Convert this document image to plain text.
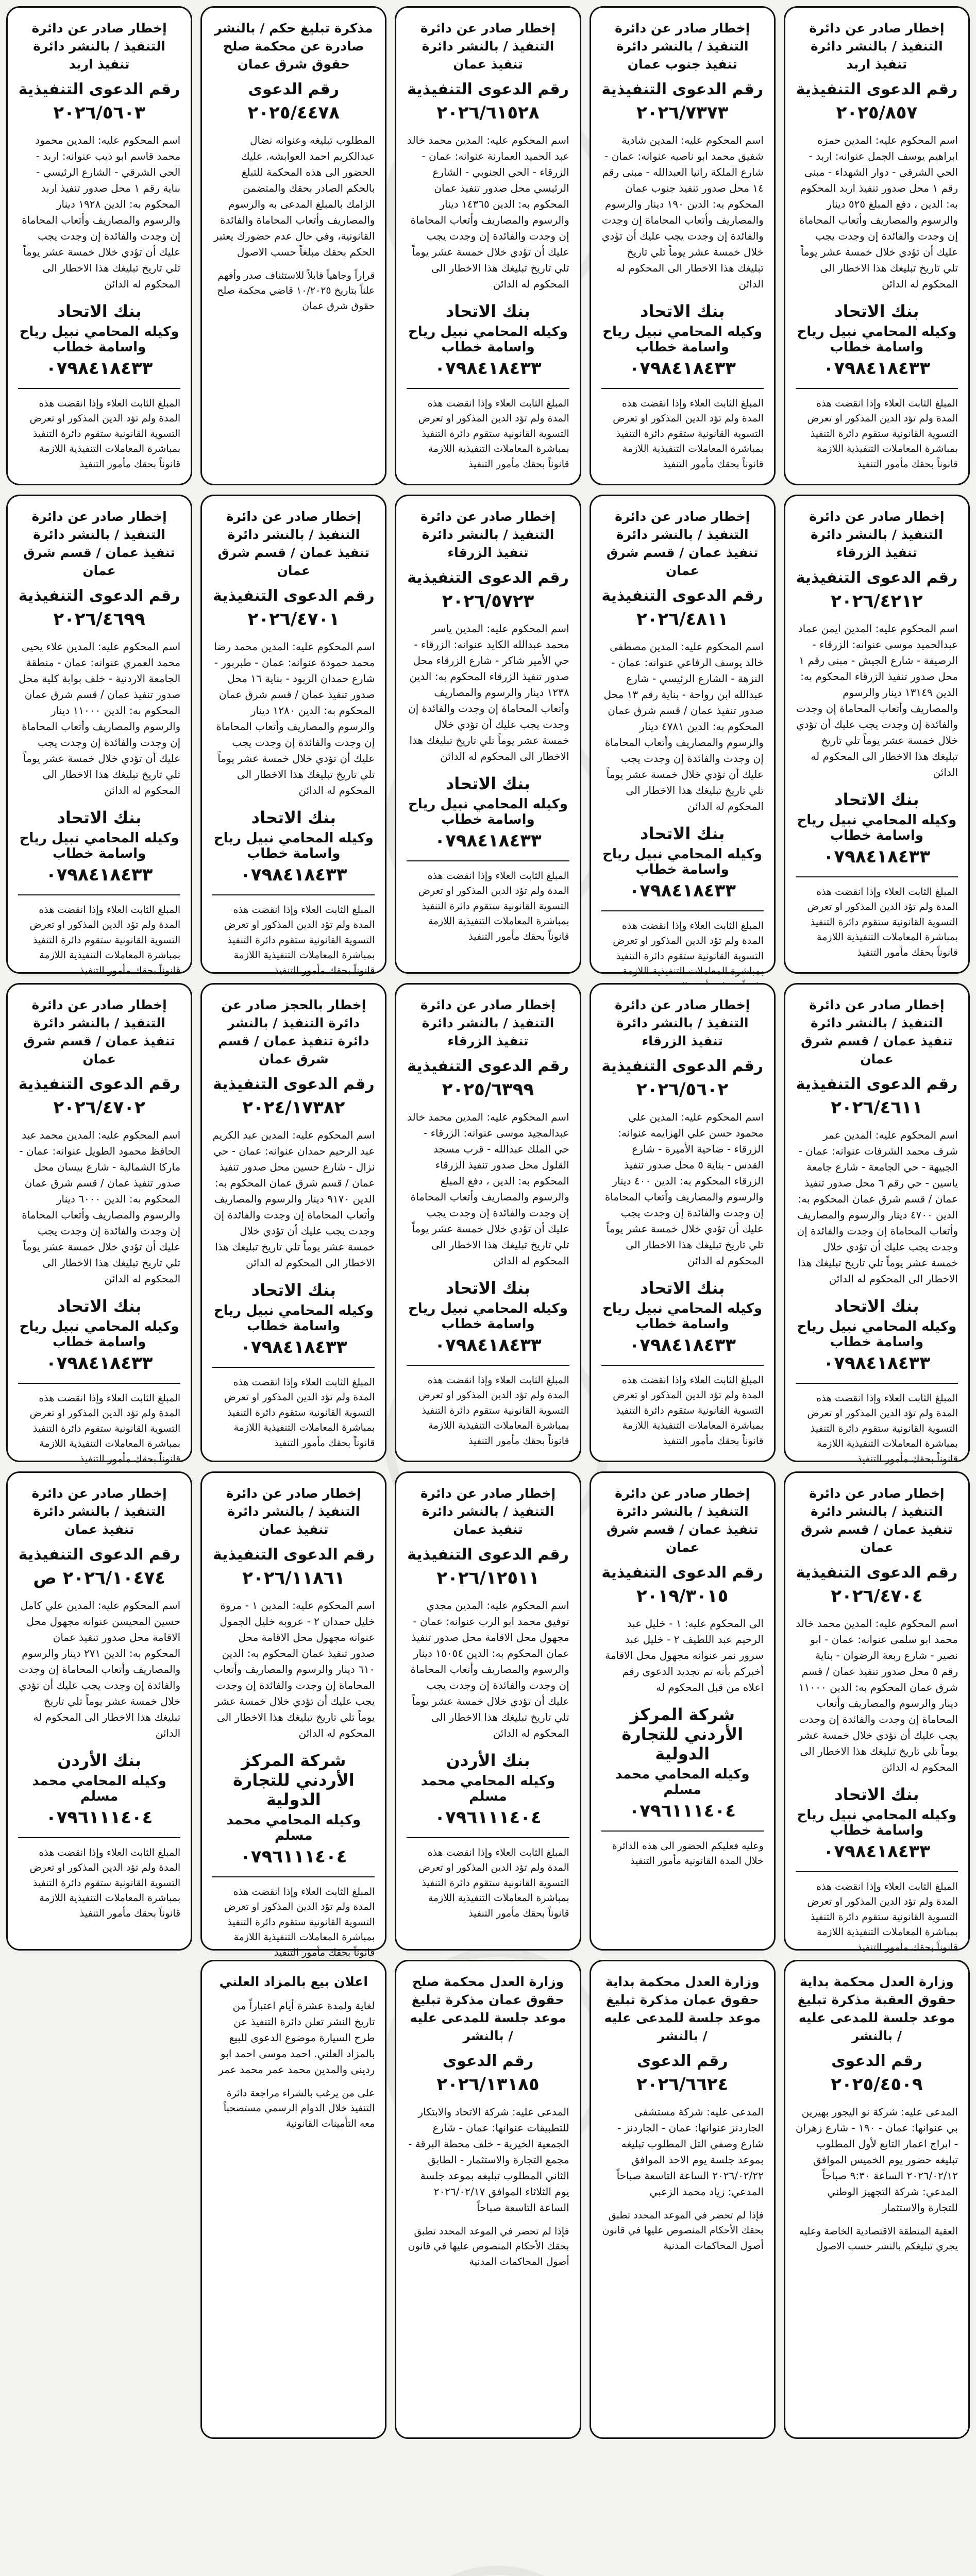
إخطار صادر عن دائرة التنفيذ / بالنشر دائرة تنفيذ اربد
رقم الدعوى التنفيذية
٢٠٢٥/٨٥٧
اسم المحكوم عليه: المدين حمزه ابراهيم يوسف الجمل عنوانه: اربد - الحي الشرقي - دوار الشهداء - مبنى رقم ١ محل صدور تنفيذ اربد المحكوم به: الدين ، دفع المبلغ ٥٢٥ دينار والرسوم والمصاريف وأتعاب المحاماة إن وجدت والفائدة إن وجدت يجب عليك أن تؤدي خلال خمسة عشر يوماً تلي تاريخ تبليغك هذا الاخطار الى المحكوم له الدائن
بنك الاتحاد
وكيله المحامي نبيل رياح واسامة خطاب
٠٧٩٨٤١٨٤٣٣
المبلغ الثابت العلاء وإذا انقضت هذه المدة ولم تؤد الدين المذكور او تعرض التسوية القانونية ستقوم دائرة التنفيذ بمباشرة المعاملات التنفيذية اللازمة قانوناً بحقك مأمور التنفيذ
إخطار صادر عن دائرة التنفيذ / بالنشر دائرة تنفيذ جنوب عمان
رقم الدعوى التنفيذية
٢٠٢٦/٧٣٧٣
اسم المحكوم عليه: المدين شادية شفيق محمد ابو ناصيه عنوانه: عمان - شارع الملكة رانيا العبدالله - مبنى رقم ١٤ محل صدور تنفيذ جنوب عمان المحكوم به: الدين ١٩٠ دينار والرسوم والمصاريف وأتعاب المحاماة إن وجدت والفائدة إن وجدت يجب عليك أن تؤدي خلال خمسة عشر يوماً تلي تاريخ تبليغك هذا الاخطار الى المحكوم له الدائن
بنك الاتحاد
وكيله المحامي نبيل رياح واسامة خطاب
٠٧٩٨٤١٨٤٣٣
المبلغ الثابت العلاء وإذا انقضت هذه المدة ولم تؤد الدين المذكور او تعرض التسوية القانونية ستقوم دائرة التنفيذ بمباشرة المعاملات التنفيذية اللازمة قانوناً بحقك مأمور التنفيذ
إخطار صادر عن دائرة التنفيذ / بالنشر دائرة تنفيذ عمان
رقم الدعوى التنفيذية
٢٠٢٦/٦١٥٢٨
اسم المحكوم عليه: المدين محمد خالد عبد الحميد العمارنة عنوانه: عمان - الزرقاء - الحي الجنوبي - الشارع الرئيسي محل صدور تنفيذ عمان المحكوم به: الدين ١٤٣٦٥ دينار والرسوم والمصاريف وأتعاب المحاماة إن وجدت والفائدة إن وجدت يجب عليك أن تؤدي خلال خمسة عشر يوماً تلي تاريخ تبليغك هذا الاخطار الى المحكوم له الدائن
بنك الاتحاد
وكيله المحامي نبيل رياح واسامة خطاب
٠٧٩٨٤١٨٤٣٣
المبلغ الثابت العلاء وإذا انقضت هذه المدة ولم تؤد الدين المذكور او تعرض التسوية القانونية ستقوم دائرة التنفيذ بمباشرة المعاملات التنفيذية اللازمة قانوناً بحقك مأمور التنفيذ
مذكرة تبليغ حكم / بالنشر صادرة عن محكمة صلح حقوق شرق عمان
رقم الدعوى
٢٠٢٥/٤٤٧٨
المطلوب تبليغه وعنوانه نضال عبدالكريم احمد العوابشه. عليك الحضور الى هذه المحكمة للتبلغ بالحكم الصادر بحقك والمتضمن الزامك بالمبلغ المدعى به والرسوم والمصاريف وأتعاب المحاماة والفائدة القانونية، وفي حال عدم حضورك يعتبر الحكم بحقك مبلغاً حسب الاصول
قراراً وجاهياً قابلاً للاستئناف صدر وأفهم علناً بتاريخ ١٠/٢٠٢٥ قاضي محكمة صلح حقوق شرق عمان
إخطار صادر عن دائرة التنفيذ / بالنشر دائرة تنفيذ اربد
رقم الدعوى التنفيذية
٢٠٢٦/٥٦٠٣
اسم المحكوم عليه: المدين محمود محمد قاسم ابو ذيب عنوانه: اربد - الحي الشرقي - الشارع الرئيسي - بناية رقم ١ محل صدور تنفيذ اربد المحكوم به: الدين ١٩٢٨ دينار والرسوم والمصاريف وأتعاب المحاماة إن وجدت والفائدة إن وجدت يجب عليك أن تؤدي خلال خمسة عشر يوماً تلي تاريخ تبليغك هذا الاخطار الى المحكوم له الدائن
بنك الاتحاد
وكيله المحامي نبيل رياح واسامة خطاب
٠٧٩٨٤١٨٤٣٣
المبلغ الثابت العلاء وإذا انقضت هذه المدة ولم تؤد الدين المذكور او تعرض التسوية القانونية ستقوم دائرة التنفيذ بمباشرة المعاملات التنفيذية اللازمة قانوناً بحقك مأمور التنفيذ
إخطار صادر عن دائرة التنفيذ / بالنشر دائرة تنفيذ الزرقاء
رقم الدعوى التنفيذية
٢٠٢٦/٤٢١٢
اسم المحكوم عليه: المدين ايمن عماد عبدالحميد موسى عنوانه: الزرقاء - الرصيفة - شارع الجيش - مبنى رقم ١ محل صدور تنفيذ الزرقاء المحكوم به: الدين ١٣١٤٩ دينار والرسوم والمصاريف وأتعاب المحاماة إن وجدت والفائدة إن وجدت يجب عليك أن تؤدي خلال خمسة عشر يوماً تلي تاريخ تبليغك هذا الاخطار الى المحكوم له الدائن
بنك الاتحاد
وكيله المحامي نبيل رياح واسامة خطاب
٠٧٩٨٤١٨٤٣٣
المبلغ الثابت العلاء وإذا انقضت هذه المدة ولم تؤد الدين المذكور او تعرض التسوية القانونية ستقوم دائرة التنفيذ بمباشرة المعاملات التنفيذية اللازمة قانوناً بحقك مأمور التنفيذ
إخطار صادر عن دائرة التنفيذ / بالنشر دائرة تنفيذ عمان / قسم شرق عمان
رقم الدعوى التنفيذية
٢٠٢٦/٤٨١١
اسم المحكوم عليه: المدين مصطفى خالد يوسف الرفاعي عنوانه: عمان - النزهة - الشارع الرئيسي - شارع عبدالله ابن رواحة - بناية رقم ١٣ محل صدور تنفيذ عمان / قسم شرق عمان المحكوم به: الدين ٤٧٨١ دينار والرسوم والمصاريف وأتعاب المحاماة إن وجدت والفائدة إن وجدت يجب عليك أن تؤدي خلال خمسة عشر يوماً تلي تاريخ تبليغك هذا الاخطار الى المحكوم له الدائن
بنك الاتحاد
وكيله المحامي نبيل رياح واسامة خطاب
٠٧٩٨٤١٨٤٣٣
المبلغ الثابت العلاء وإذا انقضت هذه المدة ولم تؤد الدين المذكور او تعرض التسوية القانونية ستقوم دائرة التنفيذ بمباشرة المعاملات التنفيذية اللازمة
إخطار صادر عن دائرة التنفيذ / بالنشر دائرة تنفيذ الزرقاء
رقم الدعوى التنفيذية
٢٠٢٦/٥٧٢٣
اسم المحكوم عليه: المدين ياسر محمد عبدالله الكايد عنوانه: الزرقاء - حي الأمير شاكر - شارع الزرقاء محل صدور تنفيذ الزرقاء المحكوم به: الدين ١٢٣٨ دينار والرسوم والمصاريف وأتعاب المحاماة إن وجدت والفائدة إن وجدت يجب عليك أن تؤدي خلال خمسة عشر يوماً تلي تاريخ تبليغك هذا الاخطار الى المحكوم له الدائن
بنك الاتحاد
وكيله المحامي نبيل رياح واسامة خطاب
٠٧٩٨٤١٨٤٣٣
المبلغ الثابت العلاء وإذا انقضت هذه المدة ولم تؤد الدين المذكور او تعرض التسوية القانونية ستقوم دائرة التنفيذ بمباشرة المعاملات التنفيذية اللازمة قانوناً بحقك مأمور التنفيذ
إخطار صادر عن دائرة التنفيذ / بالنشر دائرة تنفيذ عمان / قسم شرق عمان
رقم الدعوى التنفيذية
٢٠٢٦/٤٧٠١
اسم المحكوم عليه: المدين محمد رضا محمد حمودة عنوانه: عمان - طبربور - شارع حمدان الزيود - بناية ١٦ محل صدور تنفيذ عمان / قسم شرق عمان المحكوم به: الدين ١٢٨٠ دينار والرسوم والمصاريف وأتعاب المحاماة إن وجدت والفائدة إن وجدت يجب عليك أن تؤدي خلال خمسة عشر يوماً تلي تاريخ تبليغك هذا الاخطار الى المحكوم له الدائن
بنك الاتحاد
وكيله المحامي نبيل رياح واسامة خطاب
٠٧٩٨٤١٨٤٣٣
المبلغ الثابت العلاء وإذا انقضت هذه المدة ولم تؤد الدين المذكور او تعرض التسوية القانونية ستقوم دائرة التنفيذ بمباشرة المعاملات التنفيذية اللازمة قانوناً بحقك مأمور التنفيذ
إخطار صادر عن دائرة التنفيذ / بالنشر دائرة تنفيذ عمان / قسم شرق عمان
رقم الدعوى التنفيذية
٢٠٢٦/٤٦٩٩
اسم المحكوم عليه: المدين علاء يحيى محمد العمري عنوانه: عمان - منطقة الجامعة الاردنية - خلف بوابة كلية محل صدور تنفيذ عمان / قسم شرق عمان المحكوم به: الدين ١١٠٠٠ دينار والرسوم والمصاريف وأتعاب المحاماة إن وجدت والفائدة إن وجدت يجب عليك أن تؤدي خلال خمسة عشر يوماً تلي تاريخ تبليغك هذا الاخطار الى المحكوم له الدائن
بنك الاتحاد
وكيله المحامي نبيل رياح واسامة خطاب
٠٧٩٨٤١٨٤٣٣
المبلغ الثابت العلاء وإذا انقضت هذه المدة ولم تؤد الدين المذكور او تعرض التسوية القانونية ستقوم دائرة التنفيذ بمباشرة المعاملات التنفيذية اللازمة قانوناً بحقك مأمور التنفيذ
إخطار صادر عن دائرة التنفيذ / بالنشر دائرة تنفيذ عمان / قسم شرق عمان
رقم الدعوى التنفيذية
٢٠٢٦/٤٦١١
اسم المحكوم عليه: المدين عمر شرف محمد الشرفات عنوانه: عمان - الجبيهة - حي الجامعة - شارع جامعة ياسين - حي رقم ٦ محل صدور تنفيذ عمان / قسم شرق عمان المحكوم به: الدين ٤٧٠٠ دينار والرسوم والمصاريف وأتعاب المحاماة إن وجدت والفائدة إن وجدت يجب عليك أن تؤدي خلال خمسة عشر يوماً تلي تاريخ تبليغك هذا الاخطار الى المحكوم له الدائن
بنك الاتحاد
وكيله المحامي نبيل رياح واسامة خطاب
٠٧٩٨٤١٨٤٣٣
المبلغ الثابت العلاء وإذا انقضت هذه المدة ولم تؤد الدين المذكور او تعرض التسوية القانونية ستقوم دائرة التنفيذ بمباشرة المعاملات التنفيذية اللازمة قانوناً بحقك مأمور التنفيذ
إخطار صادر عن دائرة التنفيذ / بالنشر دائرة تنفيذ الزرقاء
رقم الدعوى التنفيذية
٢٠٢٦/٥٦٠٢
اسم المحكوم عليه: المدين علي محمود حسن علي الهزايمه عنوانه: الزرقاء - ضاحية الأميرة - شارع القدس - بناية ٥ محل صدور تنفيذ الزرقاء المحكوم به: الدين ٤٠٠ دينار والرسوم والمصاريف وأتعاب المحاماة إن وجدت والفائدة إن وجدت يجب عليك أن تؤدي خلال خمسة عشر يوماً تلي تاريخ تبليغك هذا الاخطار الى المحكوم له الدائن
بنك الاتحاد
وكيله المحامي نبيل رياح واسامة خطاب
٠٧٩٨٤١٨٤٣٣
المبلغ الثابت العلاء وإذا انقضت هذه المدة ولم تؤد الدين المذكور او تعرض التسوية القانونية ستقوم دائرة التنفيذ بمباشرة المعاملات التنفيذية اللازمة قانوناً بحقك مأمور التنفيذ
إخطار صادر عن دائرة التنفيذ / بالنشر دائرة تنفيذ الزرقاء
رقم الدعوى التنفيذية
٢٠٢٥/٦٣٩٩
اسم المحكوم عليه: المدين محمد خالد عبدالمجيد موسى عنوانه: الزرقاء - حي الملك عبدالله - قرب مسجد القلول محل صدور تنفيذ الزرقاء المحكوم به: الدين ، دفع المبلغ والرسوم والمصاريف وأتعاب المحاماة إن وجدت والفائدة إن وجدت يجب عليك أن تؤدي خلال خمسة عشر يوماً تلي تاريخ تبليغك هذا الاخطار الى المحكوم له الدائن
بنك الاتحاد
وكيله المحامي نبيل رياح واسامة خطاب
٠٧٩٨٤١٨٤٣٣
المبلغ الثابت العلاء وإذا انقضت هذه المدة ولم تؤد الدين المذكور او تعرض التسوية القانونية ستقوم دائرة التنفيذ بمباشرة المعاملات التنفيذية اللازمة قانوناً بحقك مأمور التنفيذ
إخطار بالحجز صادر عن دائرة التنفيذ / بالنشر دائرة تنفيذ عمان / قسم شرق عمان
رقم الدعوى التنفيذية
٢٠٢٤/١٧٣٨٢
اسم المحكوم عليه: المدين عبد الكريم عبد الرحيم حمدان عنوانه: عمان - حي نزال - شارع حسين محل صدور تنفيذ عمان / قسم شرق عمان المحكوم به: الدين ٩١٧٠ دينار والرسوم والمصاريف وأتعاب المحاماة إن وجدت والفائدة إن وجدت يجب عليك أن تؤدي خلال خمسة عشر يوماً تلي تاريخ تبليغك هذا الاخطار الى المحكوم له الدائن
بنك الاتحاد
وكيله المحامي نبيل رياح واسامة خطاب
٠٧٩٨٤١٨٤٣٣
المبلغ الثابت العلاء وإذا انقضت هذه المدة ولم تؤد الدين المذكور او تعرض التسوية القانونية ستقوم دائرة التنفيذ بمباشرة المعاملات التنفيذية اللازمة قانوناً بحقك مأمور التنفيذ
إخطار صادر عن دائرة التنفيذ / بالنشر دائرة تنفيذ عمان / قسم شرق عمان
رقم الدعوى التنفيذية
٢٠٢٦/٤٧٠٢
اسم المحكوم عليه: المدين محمد عبد الحافظ محمود الطويل عنوانه: عمان - ماركا الشمالية - شارع بيسان محل صدور تنفيذ عمان / قسم شرق عمان المحكوم به: الدين ٦٠٠٠ دينار والرسوم والمصاريف وأتعاب المحاماة إن وجدت والفائدة إن وجدت يجب عليك أن تؤدي خلال خمسة عشر يوماً تلي تاريخ تبليغك هذا الاخطار الى المحكوم له الدائن
بنك الاتحاد
وكيله المحامي نبيل رياح واسامة خطاب
٠٧٩٨٤١٨٤٣٣
المبلغ الثابت العلاء وإذا انقضت هذه المدة ولم تؤد الدين المذكور او تعرض التسوية القانونية ستقوم دائرة التنفيذ بمباشرة المعاملات التنفيذية اللازمة قانوناً بحقك مأمور التنفيذ
إخطار صادر عن دائرة التنفيذ / بالنشر دائرة تنفيذ عمان / قسم شرق عمان
رقم الدعوى التنفيذية
٢٠٢٦/٤٧٠٤
اسم المحكوم عليه: المدين محمد خالد محمد ابو سلمى عنوانه: عمان - ابو نصير - شارع ربعة الرضوان - بناية رقم ٥ محل صدور تنفيذ عمان / قسم شرق عمان المحكوم به: الدين ١١٠٠٠ دينار والرسوم والمصاريف وأتعاب المحاماة إن وجدت والفائدة إن وجدت يجب عليك أن تؤدي خلال خمسة عشر يوماً تلي تاريخ تبليغك هذا الاخطار الى المحكوم له الدائن
بنك الاتحاد
وكيله المحامي نبيل رياح واسامة خطاب
٠٧٩٨٤١٨٤٣٣
المبلغ الثابت العلاء وإذا انقضت هذه المدة ولم تؤد الدين المذكور او تعرض التسوية القانونية ستقوم دائرة التنفيذ بمباشرة المعاملات التنفيذية اللازمة قانوناً بحقك مأمور التنفيذ
إخطار صادر عن دائرة التنفيذ / بالنشر دائرة تنفيذ عمان / قسم شرق عمان
رقم الدعوى التنفيذية
٢٠١٩/٣٠١٥
الى المحكوم عليه: ١ - خليل عبد الرحيم عبد اللطيف ٢ - خليل عبد سرور نمر عنوانه مجهول محل الاقامة أخبركم بأنه تم تجديد الدعوى رقم اعلاه من قبل المحكوم له
شركة المركز الأردني للتجارة الدولية
وكيله المحامي محمد مسلم
٠٧٩٦١١١٤٠٤
وعليه فعليكم الحضور الى هذه الدائرة خلال المدة القانونية مأمور التنفيذ
إخطار صادر عن دائرة التنفيذ / بالنشر دائرة تنفيذ عمان
رقم الدعوى التنفيذية
٢٠٢٦/١٢٥١١
اسم المحكوم عليه: المدين مجدي توفيق محمد ابو الرب عنوانه: عمان - مجهول محل الاقامة محل صدور تنفيذ عمان المحكوم به: الدين ١٥٠٥٤ دينار والرسوم والمصاريف وأتعاب المحاماة إن وجدت والفائدة إن وجدت يجب عليك أن تؤدي خلال خمسة عشر يوماً تلي تاريخ تبليغك هذا الاخطار الى المحكوم له الدائن
بنك الأردن
وكيله المحامي محمد مسلم
٠٧٩٦١١١٤٠٤
المبلغ الثابت العلاء وإذا انقضت هذه المدة ولم تؤد الدين المذكور او تعرض التسوية القانونية ستقوم دائرة التنفيذ بمباشرة المعاملات التنفيذية اللازمة قانوناً بحقك مأمور التنفيذ
إخطار صادر عن دائرة التنفيذ / بالنشر دائرة تنفيذ عمان
رقم الدعوى التنفيذية
٢٠٢٦/١١٨٦١
اسم المحكوم عليه: المدين ١ - مروة خليل حمدان ٢ - عروبه خليل الجمول عنوانه مجهول محل الاقامة محل صدور تنفيذ عمان المحكوم به: الدين ٦١٠ دينار والرسوم والمصاريف وأتعاب المحاماة إن وجدت والفائدة إن وجدت يجب عليك أن تؤدي خلال خمسة عشر يوماً تلي تاريخ تبليغك هذا الاخطار الى المحكوم له الدائن
شركة المركز الأردني للتجارة الدولية
وكيله المحامي محمد مسلم
٠٧٩٦١١١٤٠٤
المبلغ الثابت العلاء وإذا انقضت هذه المدة ولم تؤد الدين المذكور او تعرض التسوية القانونية ستقوم دائرة التنفيذ بمباشرة المعاملات التنفيذية اللازمة قانوناً بحقك مأمور التنفيذ
إخطار صادر عن دائرة التنفيذ / بالنشر دائرة تنفيذ عمان
رقم الدعوى التنفيذية
٢٠٢٦/١٠٤٧٤ ص
اسم المحكوم عليه: المدين علي كامل حسين المحيسن عنوانه مجهول محل الاقامة محل صدور تنفيذ عمان المحكوم به: الدين ٢٧١ دينار والرسوم والمصاريف وأتعاب المحاماة إن وجدت والفائدة إن وجدت يجب عليك أن تؤدي خلال خمسة عشر يوماً تلي تاريخ تبليغك هذا الاخطار الى المحكوم له الدائن
بنك الأردن
وكيله المحامي محمد مسلم
٠٧٩٦١١١٤٠٤
المبلغ الثابت العلاء وإذا انقضت هذه المدة ولم تؤد الدين المذكور او تعرض التسوية القانونية ستقوم دائرة التنفيذ بمباشرة المعاملات التنفيذية اللازمة قانوناً بحقك مأمور التنفيذ
وزارة العدل محكمة بداية حقوق العقبة مذكرة تبليغ موعد جلسة للمدعى عليه / بالنشر
رقم الدعوى
٢٠٢٥/٤٥٠٩
المدعى عليه: شركة نو اليجور بهيرين بي عنوانها: عمان - ١٩٠ - شارع زهران - ابراج اعمار التابع لأول المطلوب تبليغه حضور يوم الخميس الموافق ٢٠٢٦/٠٢/١٢ الساعة ٩:٣٠ صباحاً المدعي: شركة التجهيز الوطني للتجارة والاستثمار
العقبة المنطقة الاقتصادية الخاصة وعليه يجري تبليغكم بالنشر حسب الاصول
وزارة العدل محكمة بداية حقوق عمان مذكرة تبليغ موعد جلسة للمدعى عليه / بالنشر
رقم الدعوى
٢٠٢٦/٦٦٢٤
المدعى عليه: شركة مستشفى الجاردنز عنوانها: عمان - الجاردنز - شارع وصفي التل المطلوب تبليغه بموعد جلسة يوم الاحد الموافق ٢٠٢٦/٠٢/٢٢ الساعة التاسعة صباحاً المدعي: زياد محمد الزعبي
فإذا لم تحضر في الموعد المحدد تطبق بحقك الأحكام المنصوص عليها في قانون أصول المحاكمات المدنية
وزارة العدل محكمة صلح حقوق عمان مذكرة تبليغ موعد جلسة للمدعى عليه / بالنشر
رقم الدعوى
٢٠٢٦/١٣١٨٥
المدعى عليه: شركة الاتحاد والابتكار للتطبيقات عنوانها: عمان - شارع الجمعية الخيرية - خلف محطة البرقة - مجمع التجارة والاستثمار - الطابق الثاني المطلوب تبليغه بموعد جلسة يوم الثلاثاء الموافق ٢٠٢٦/٠٢/١٧ الساعة التاسعة صباحاً
فإذا لم تحضر في الموعد المحدد تطبق بحقك الأحكام المنصوص عليها في قانون أصول المحاكمات المدنية
اعلان بيع بالمزاد العلني
لغاية ولمدة عشرة أيام اعتباراً من تاريخ النشر تعلن دائرة التنفيذ عن طرح السيارة موضوع الدعوى للبيع بالمزاد العلني. احمد موسى احمد ابو ردينى والمدين محمد عمر محمد عمر
على من يرغب بالشراء مراجعة دائرة التنفيذ خلال الدوام الرسمي مستصحباً معه التأمينات القانونية
